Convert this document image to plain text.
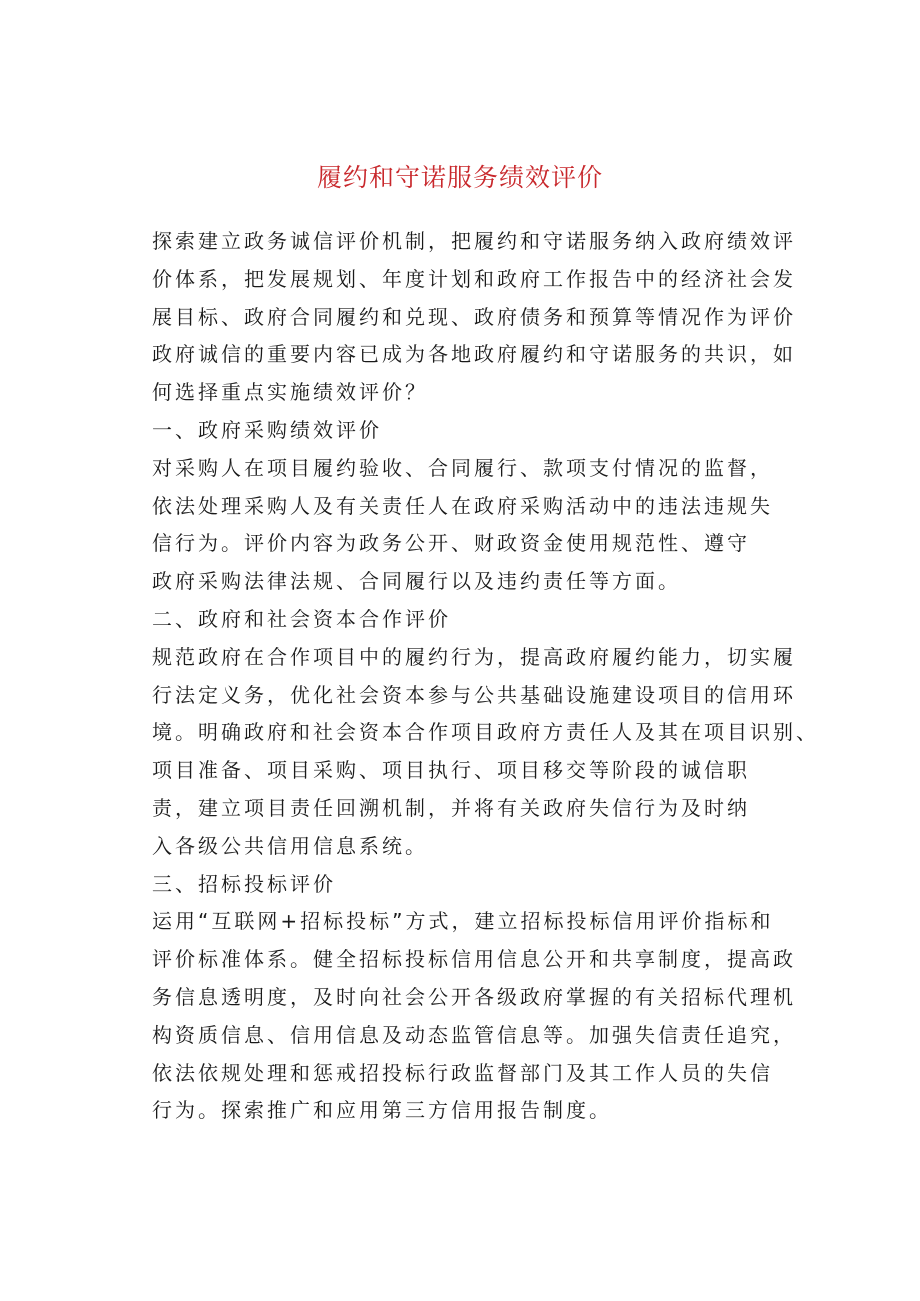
履约和守诺服务绩效评价

探索建立政务诚信评价机制，把履约和守诺服务纳入政府绩效评

价体系，把发展规划、年度计划和政府工作报告中的经济社会发

展目标、政府合同履约和兑现、政府债务和预算等情况作为评价

政府诚信的重要内容已成为各地政府履约和守诺服务的共识，如

何选择重点实施绩效评价？

一、政府采购绩效评价

对采购人在项目履约验收、合同履行、款项支付情况的监督，

依法处理采购人及有关责任人在政府采购活动中的违法违规失

信行为。评价内容为政务公开、财政资金使用规范性、遵守

政府采购法律法规、合同履行以及违约责任等方面。

二、政府和社会资本合作评价

规范政府在合作项目中的履约行为，提高政府履约能力，切实履

行法定义务，优化社会资本参与公共基础设施建设项目的信用环

境。明确政府和社会资本合作项目政府方责任人及其在项目识别、

项目准备、项目采购、项目执行、项目移交等阶段的诚信职

责，建立项目责任回溯机制，并将有关政府失信行为及时纳

入各级公共信用信息系统。

三、招标投标评价

运用“互联网+招标投标”方式，建立招标投标信用评价指标和

评价标准体系。健全招标投标信用信息公开和共享制度，提高政

务信息透明度，及时向社会公开各级政府掌握的有关招标代理机

构资质信息、信用信息及动态监管信息等。加强失信责任追究，

依法依规处理和惩戒招投标行政监督部门及其工作人员的失信

行为。探索推广和应用第三方信用报告制度。
